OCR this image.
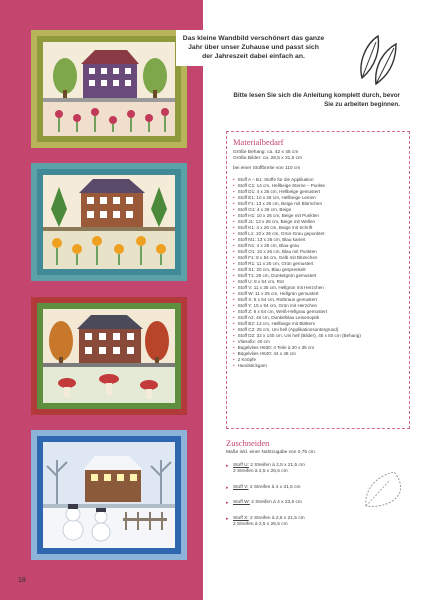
18
Das kleine Wandbild verschönert das ganze Jahr über unser Zuhause und passt sich der Jahreszeit dabei einfach an.
Bitte lesen Sie sich die Anleitung komplett durch, bevor Sie zu arbeiten beginnen.
Materialbedarf
Größe Behang: ca. 42 x 45 cm
Größe Bilder: ca. 28,5 x 31,5 cm
bei einer Stoffbreite von 110 cm
• Stoff A – B1: Stoffe für die Applikation
• Stoff C1: 14 cm, Hellbeige Sterne – Punkte
• Stoff D1: 4 x 26 cm, Hellbeige gemustert
• Stoff E1: 10 x 26 cm, Hellbeige Leinen
• Stoff F1: 13 x 26 cm, Beige mit Blümchen
• Stoff G1: 4 x 26 cm, Beige
• Stoff H1: 10 x 26 cm, Beige mit Punkten
• Stoff J1: 13 x 26 cm, Beige mit Wellen
• Stoff K1: 4 x 26 cm, Beige mit Schrift
• Stoff L1: 10 x 26 cm, Grün-Grau gepunktet
• Stoff M1: 13 x 26 cm, Blau kariert
• Stoff N1: 4 x 26 cm, Blau-grau
• Stoff O1: 10 x 26 cm, Blau mit Punkten
• Stoff F1: 8 x 54 cm, Gelb mit Blümchen
• Stoff R1: 11 x 25 cm, Grün gemustert
• Stoff S1: 20 cm, Blau gesprenkelt
• Stoff T1: 25 cm, Dunkelgrün gemustert
• Stoff U: 8 x 54 cm, Rot
• Stoff V: 11 x 35 cm, Hellgrün mit Herzchen
• Stoff W: 11 x 25 cm, Hellgrün gemustert
• Stoff X: 8 x 54 cm, Rotbraun gemustert
• Stoff Y: 15 x 54 cm, Grün mit Herzchen
• Stoff Z: 8 x 54 cm, Weiß-Hellgrau gemustert
• Stoff A2: 40 cm, Dunkelblau Leinenoptik
• Stoff B2: 13 cm, Hellbeige mit Blättern
• Stoff C2: 25 cm, Uni hell (Applikationsuntergrund)
• Stoff D2: 32 x 140 cm, Uni hell (Bilder), 45 x 50 cm (Behang)
• Vliesofix: 40 cm
• Bügelvlies H630: 4 Teile à 30 x 35 cm
• Bügelvlies H640: 44 x 48 cm
• 2 Knöpfe
• Handstickgarn
Zuschneiden
Maße inkl. einer Nahtzugabe von 0,75 cm.
▸ Stoff U: 2 Streifen à 2,5 x 21,5 cm
2 Streifen à 2,5 x 26,5 cm
▸ Stoff V: 2 Streifen à 4 x 31,5 cm
▸ Stoff W: 2 Streifen à 4 x 23,5 cm
▸ Stoff X: 2 Streifen à 2,5 x 21,5 cm
2 Streifen à 2,5 x 26,5 cm
